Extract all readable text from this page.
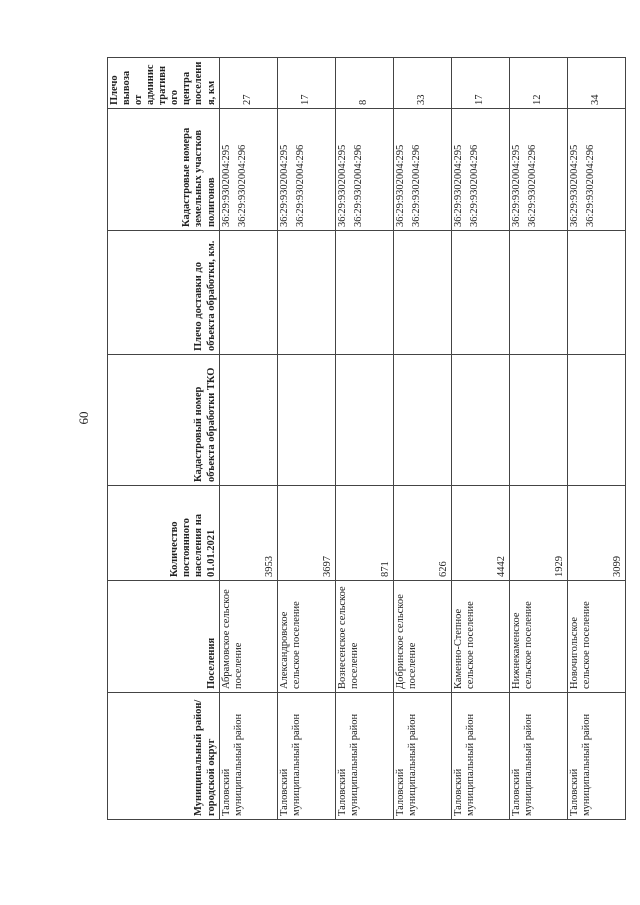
60
Муниципальный район/ городской округ	Поселения	Количество постоянного населения на 01.01.2021	Кадастровый номер объекта обработки ТКО	Плечо доставки до объекта обработки, км.	Кадастровые номера земельных участков полигонов	Плечо вывоза от административного центра поселения, км
Таловский муниципальный район	Абрамовское сельское поселение	3953			36:29:9302004:295 36:29:9302004:296	27
Таловский муниципальный район	Александровское сельское поселение	3697			36:29:9302004:295 36:29:9302004:296	17
Таловский муниципальный район	Вознесенское сельское поселение	871			36:29:9302004:295 36:29:9302004:296	8
Таловский муниципальный район	Добринское сельское поселение	626			36:29:9302004:295 36:29:9302004:296	33
Таловский муниципальный район	Каменно-Степное сельское поселение	4442			36:29:9302004:295 36:29:9302004:296	17
Таловский муниципальный район	Нижнекаменское сельское поселение	1929			36:29:9302004:295 36:29:9302004:296	12
Таловский муниципальный район	Новочигольское сельское поселение	3099			36:29:9302004:295 36:29:9302004:296	34
